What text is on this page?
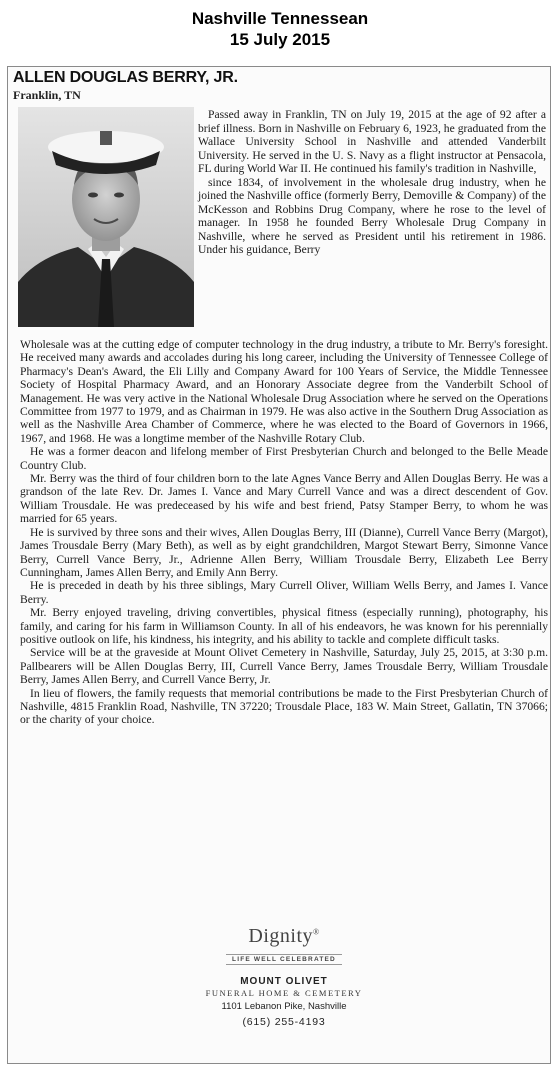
Nashville Tennessean
15 July 2015
ALLEN DOUGLAS BERRY, JR.
Franklin, TN

Passed away in Franklin, TN on July 19, 2015 at the age of 92 after a brief illness. Born in Nashville on February 6, 1923, he graduated from the Wallace University School in Nashville and attended Vanderbilt University. He served in the U. S. Navy as a flight instructor at Pensacola, FL during World War II. He continued his family's tradition in Nashville,

since 1834, of involvement in the wholesale drug industry, when he joined the Nashville office (formerly Berry, Demoville & Company) of the McKesson and Robbins Drug Company, where he rose to the level of manager. In 1958 he founded Berry Wholesale Drug Company in Nashville, where he served as President until his retirement in 1986. Under his guidance, Berry

Wholesale was at the cutting edge of computer technology in the drug industry, a tribute to Mr. Berry's foresight. He received many awards and accolades during his long career, including the University of Tennessee College of Pharmacy's Dean's Award, the Eli Lilly and Company Award for 100 Years of Service, the Middle Tennessee Society of Hospital Pharmacy Award, and an Honorary Associate degree from the Vanderbilt School of Management. He was very active in the National Wholesale Drug Association where he served on the Operations Committee from 1977 to 1979, and as Chairman in 1979. He was also active in the Southern Drug Association as well as the Nashville Area Chamber of Commerce, where he was elected to the Board of Governors in 1966, 1967, and 1968. He was a longtime member of the Nashville Rotary Club.

He was a former deacon and lifelong member of First Presbyterian Church and belonged to the Belle Meade Country Club.

Mr. Berry was the third of four children born to the late Agnes Vance Berry and Allen Douglas Berry. He was a grandson of the late Rev. Dr. James I. Vance and Mary Currell Vance and was a direct descendent of Gov. William Trousdale. He was predeceased by his wife and best friend, Patsy Stamper Berry, to whom he was married for 65 years.

He is survived by three sons and their wives, Allen Douglas Berry, III (Dianne), Currell Vance Berry (Margot), James Trousdale Berry (Mary Beth), as well as by eight grandchildren, Margot Stewart Berry, Simonne Vance Berry, Currell Vance Berry, Jr., Adrienne Allen Berry, William Trousdale Berry, Elizabeth Lee Berry Cunningham, James Allen Berry, and Emily Ann Berry.

He is preceded in death by his three siblings, Mary Currell Oliver, William Wells Berry, and James I. Vance Berry.

Mr. Berry enjoyed traveling, driving convertibles, physical fitness (especially running), photography, his family, and caring for his farm in Williamson County. In all of his endeavors, he was known for his perennially positive outlook on life, his kindness, his integrity, and his ability to tackle and complete difficult tasks.

Service will be at the graveside at Mount Olivet Cemetery in Nashville, Saturday, July 25, 2015, at 3:30 p.m. Pallbearers will be Allen Douglas Berry, III, Currell Vance Berry, James Trousdale Berry, William Trousdale Berry, James Allen Berry, and Currell Vance Berry, Jr.

In lieu of flowers, the family requests that memorial contributions be made to the First Presbyterian Church of Nashville, 4815 Franklin Road, Nashville, TN 37220; Trousdale Place, 183 W. Main Street, Gallatin, TN 37066; or the charity of your choice.

Dignity®
LIFE WELL CELEBRATED
MOUNT OLIVET
FUNERAL HOME & CEMETERY
1101 Lebanon Pike, Nashville
(615) 255-4193
